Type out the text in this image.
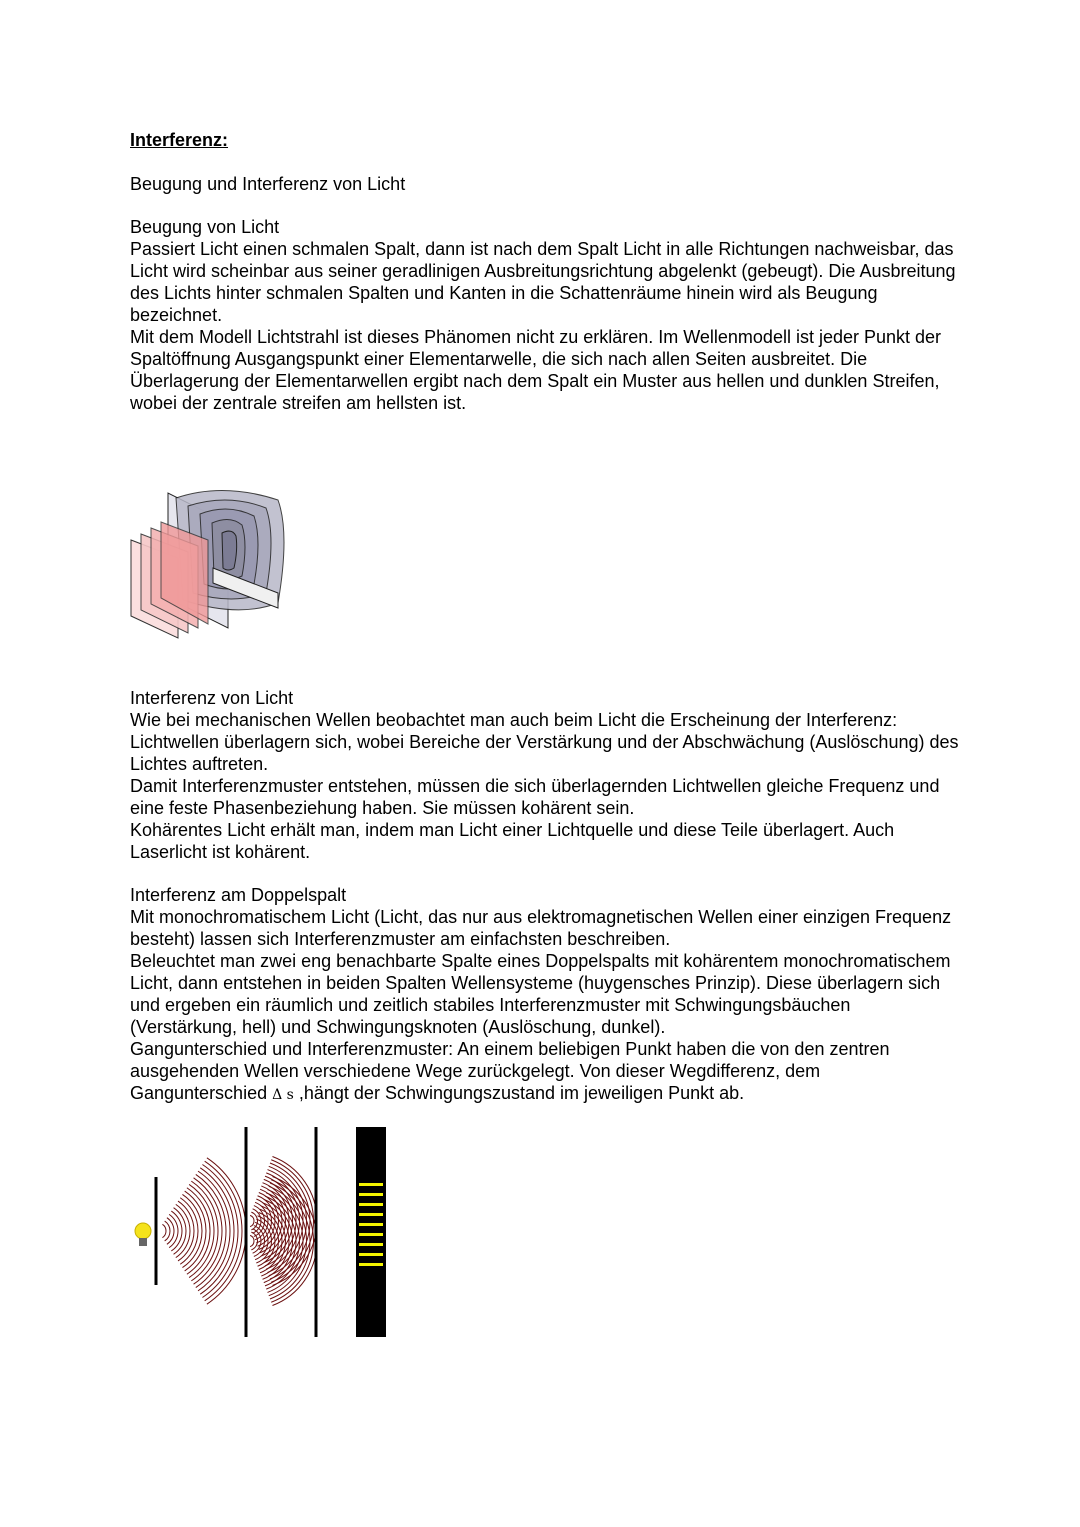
Interferenz:
Beugung und Interferenz von Licht
Beugung von Licht

Passiert Licht einen schmalen Spalt, dann ist nach dem Spalt Licht in alle Richtungen nachweisbar, das Licht wird scheinbar aus seiner geradlinigen Ausbreitungsrichtung abgelenkt (gebeugt). Die Ausbreitung des Lichts hinter schmalen Spalten und Kanten in die Schattenräume hinein wird als Beugung bezeichnet.

Mit dem Modell Lichtstrahl ist dieses Phänomen nicht zu erklären. Im Wellenmodell ist jeder Punkt der Spaltöffnung Ausgangspunkt einer Elementarwelle, die sich nach allen Seiten ausbreitet. Die Überlagerung der Elementarwellen ergibt nach dem Spalt ein Muster aus hellen und dunklen Streifen, wobei der zentrale streifen am hellsten ist.

Interferenz von Licht

Wie bei mechanischen Wellen beobachtet man auch beim Licht die Erscheinung der Interferenz: Lichtwellen überlagern sich, wobei Bereiche der Verstärkung und der Abschwächung (Auslöschung) des Lichtes auftreten.

Damit Interferenzmuster entstehen, müssen die sich überlagernden Lichtwellen gleiche Frequenz und eine feste Phasenbeziehung haben. Sie müssen kohärent sein.

Kohärentes Licht erhält man, indem man Licht einer Lichtquelle und diese Teile überlagert. Auch Laserlicht ist kohärent.

Interferenz am Doppelspalt

Mit monochromatischem Licht (Licht, das nur aus elektromagnetischen Wellen einer einzigen Frequenz besteht) lassen sich Interferenzmuster am einfachsten beschreiben.

Beleuchtet man zwei eng benachbarte Spalte eines Doppelspalts mit kohärentem monochromatischem Licht, dann entstehen in beiden Spalten Wellensysteme (huygensches Prinzip). Diese überlagern sich und ergeben ein räumlich und zeitlich stabiles Interferenzmuster mit Schwingungsbäuchen (Verstärkung, hell) und Schwingungsknoten (Auslöschung, dunkel).

Gangunterschied und Interferenzmuster: An einem beliebigen Punkt haben die von den zentren ausgehenden Wellen verschiedene Wege zurückgelegt. Von dieser Wegdifferenz, dem Gangunterschied Δ s ,hängt der Schwingungszustand im jeweiligen Punkt ab.
